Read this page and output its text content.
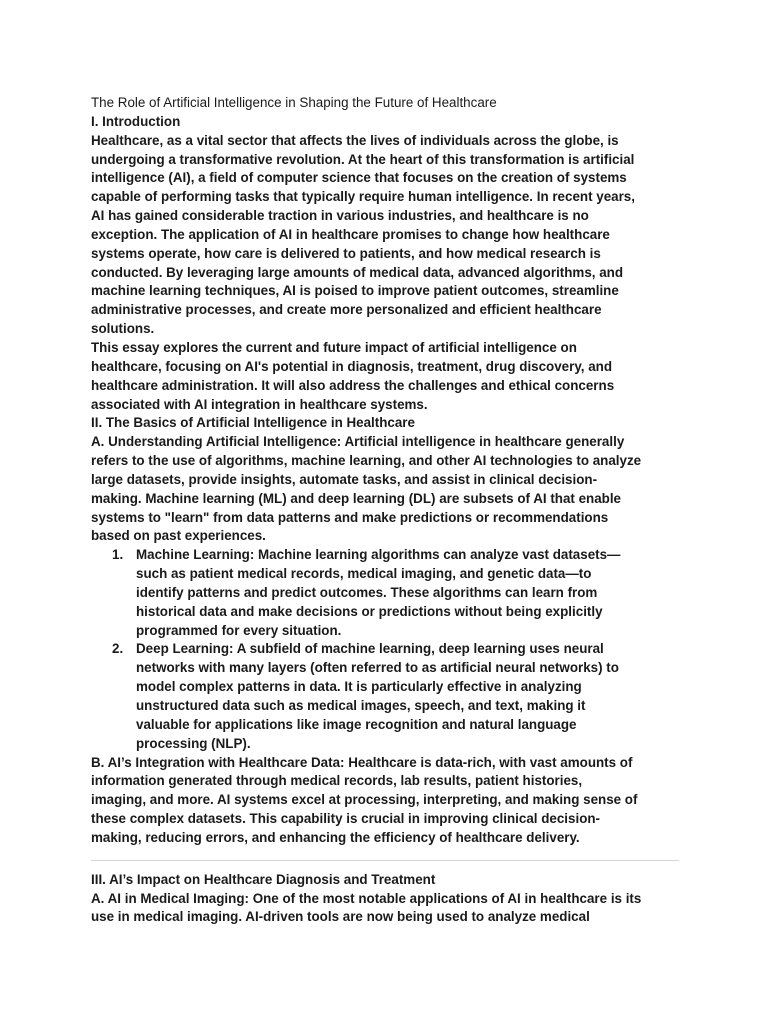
The Role of Artificial Intelligence in Shaping the Future of Healthcare

I. Introduction

Healthcare, as a vital sector that affects the lives of individuals across the globe, is

undergoing a transformative revolution. At the heart of this transformation is artificial

intelligence (AI), a field of computer science that focuses on the creation of systems

capable of performing tasks that typically require human intelligence. In recent years,

AI has gained considerable traction in various industries, and healthcare is no

exception. The application of AI in healthcare promises to change how healthcare

systems operate, how care is delivered to patients, and how medical research is

conducted. By leveraging large amounts of medical data, advanced algorithms, and

machine learning techniques, AI is poised to improve patient outcomes, streamline

administrative processes, and create more personalized and efficient healthcare

solutions.

This essay explores the current and future impact of artificial intelligence on

healthcare, focusing on AI's potential in diagnosis, treatment, drug discovery, and

healthcare administration. It will also address the challenges and ethical concerns

associated with AI integration in healthcare systems.

II. The Basics of Artificial Intelligence in Healthcare

A. Understanding Artificial Intelligence: Artificial intelligence in healthcare generally

refers to the use of algorithms, machine learning, and other AI technologies to analyze

large datasets, provide insights, automate tasks, and assist in clinical decision-

making. Machine learning (ML) and deep learning (DL) are subsets of AI that enable

systems to "learn" from data patterns and make predictions or recommendations

based on past experiences.

1. Machine Learning: Machine learning algorithms can analyze vast datasets—

such as patient medical records, medical imaging, and genetic data—to

identify patterns and predict outcomes. These algorithms can learn from

historical data and make decisions or predictions without being explicitly

programmed for every situation.

2. Deep Learning: A subfield of machine learning, deep learning uses neural

networks with many layers (often referred to as artificial neural networks) to

model complex patterns in data. It is particularly effective in analyzing

unstructured data such as medical images, speech, and text, making it

valuable for applications like image recognition and natural language

processing (NLP).

B. AI’s Integration with Healthcare Data: Healthcare is data-rich, with vast amounts of

information generated through medical records, lab results, patient histories,

imaging, and more. AI systems excel at processing, interpreting, and making sense of

these complex datasets. This capability is crucial in improving clinical decision-

making, reducing errors, and enhancing the efficiency of healthcare delivery.

III. AI’s Impact on Healthcare Diagnosis and Treatment

A. AI in Medical Imaging: One of the most notable applications of AI in healthcare is its

use in medical imaging. AI-driven tools are now being used to analyze medical
